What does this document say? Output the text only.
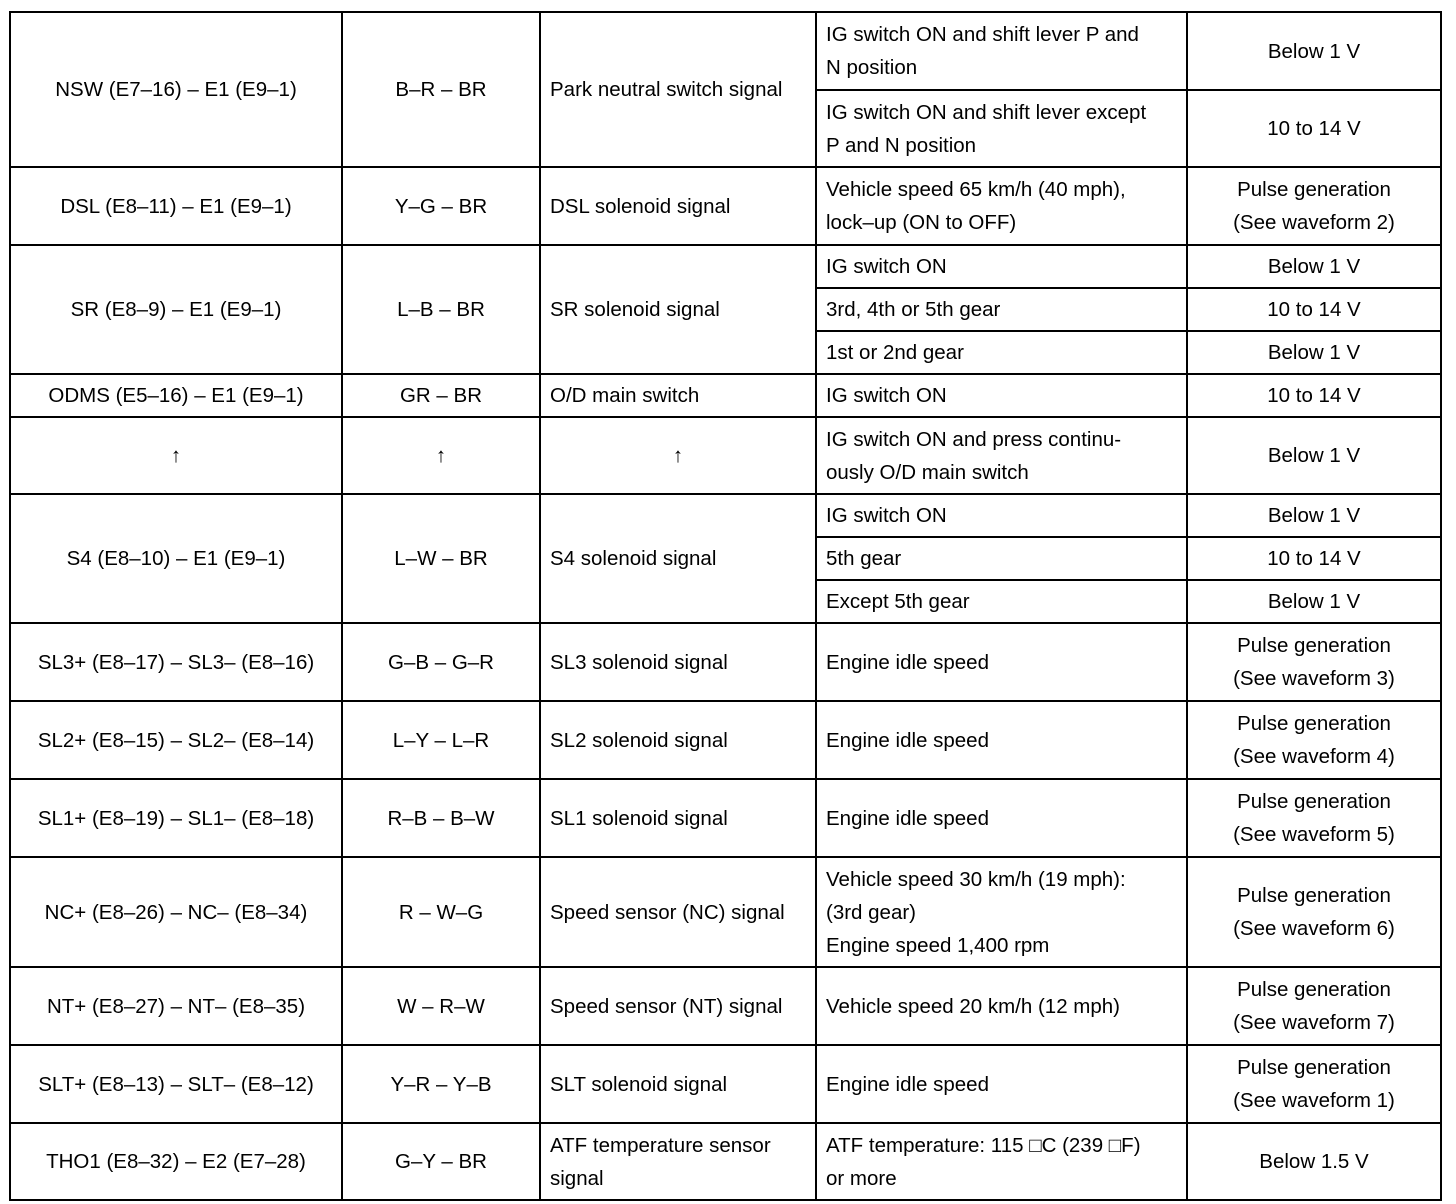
NSW (E7–16) – E1 (E9–1)	B–R – BR	Park neutral switch signal	IG switch ON and shift lever P and
N position	Below 1 V
			IG switch ON and shift lever except
P and N position	10 to 14 V
DSL (E8–11) – E1 (E9–1)	Y–G – BR	DSL solenoid signal	Vehicle speed 65 km/h (40 mph),
lock–up (ON to OFF)	Pulse generation
(See waveform 2)
SR (E8–9) – E1 (E9–1)	L–B – BR	SR solenoid signal	IG switch ON	Below 1 V
			3rd, 4th or 5th gear	10 to 14 V
			1st or 2nd gear	Below 1 V
ODMS (E5–16) – E1 (E9–1)	GR – BR	O/D main switch	IG switch ON	10 to 14 V
↑	↑	↑	IG switch ON and press continu-
ously O/D main switch	Below 1 V
S4 (E8–10) – E1 (E9–1)	L–W – BR	S4 solenoid signal	IG switch ON	Below 1 V
			5th gear	10 to 14 V
			Except 5th gear	Below 1 V
SL3+ (E8–17) – SL3– (E8–16)	G–B – G–R	SL3 solenoid signal	Engine idle speed	Pulse generation
(See waveform 3)
SL2+ (E8–15) – SL2– (E8–14)	L–Y – L–R	SL2 solenoid signal	Engine idle speed	Pulse generation
(See waveform 4)
SL1+ (E8–19) – SL1– (E8–18)	R–B – B–W	SL1 solenoid signal	Engine idle speed	Pulse generation
(See waveform 5)
NC+ (E8–26) – NC– (E8–34)	R – W–G	Speed sensor (NC) signal	Vehicle speed 30 km/h (19 mph):
(3rd gear)
Engine speed 1,400 rpm	Pulse generation
(See waveform 6)
NT+ (E8–27) – NT– (E8–35)	W – R–W	Speed sensor (NT) signal	Vehicle speed 20 km/h (12 mph)	Pulse generation
(See waveform 7)
SLT+ (E8–13) – SLT– (E8–12)	Y–R – Y–B	SLT solenoid signal	Engine idle speed	Pulse generation
(See waveform 1)
THO1 (E8–32) – E2 (E7–28)	G–Y – BR	ATF temperature sensor
signal	ATF temperature: 115 □C (239 □F)
or more	Below 1.5 V
